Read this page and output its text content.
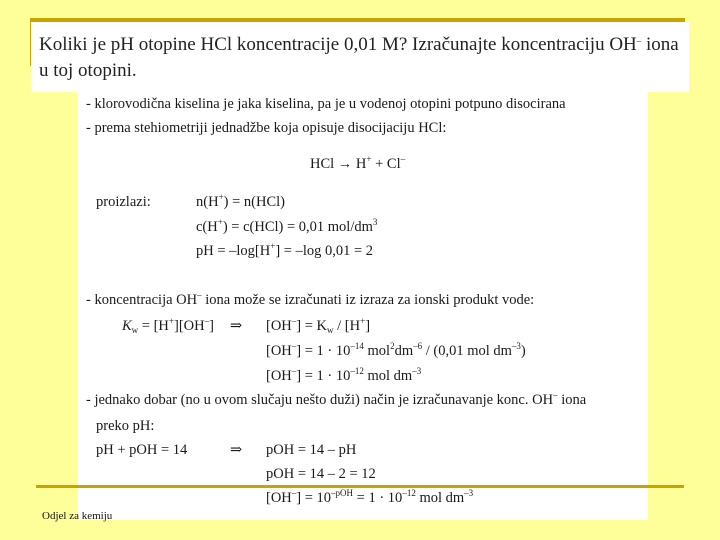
Koliki je pH otopine HCl koncentracije 0,01 M? Izračunajte koncentraciju OH– iona u toj otopini.
- klorovodična kiselina je jaka kiselina, pa je u vodenoj otopini potpuno disocirana
- prema stehiometriji jednadžbe koja opisuje disocijaciju HCl:
HCl → H+ + Cl–
proizlazi:	n(H+) = n(HCl)
c(H+) = c(HCl) = 0,01 mol/$dm^3$
pH = –log[H+] = –log 0,01 = 2
- koncentracija OH– iona može se izračunati iz izraza za ionski produkt vode:
$K_w = [H^+][OH^-]$ ⇒ $[OH^-] = K_w / [H^+]$
$[OH^-] = 1 \cdot 10^{-14}$ $mol^2dm^{-6} / (0,01$ mol $dm^{-3}$)
$[OH^-] = 1 \cdot 10^{-12}$ mol $dm^{-3}$
- jednako dobar (no u ovom slučaju nešto duži) način je izračunavanje konc. OH– iona
preko pH:
pH + pOH = 14	⇒ pOH = 14 – pH
pOH = 14 – 2 = 12
$[OH^-] = 10^{-pOH} = 1 \cdot 10^{-12}$ mol $dm^{-3}$
Odjel za kemiju
